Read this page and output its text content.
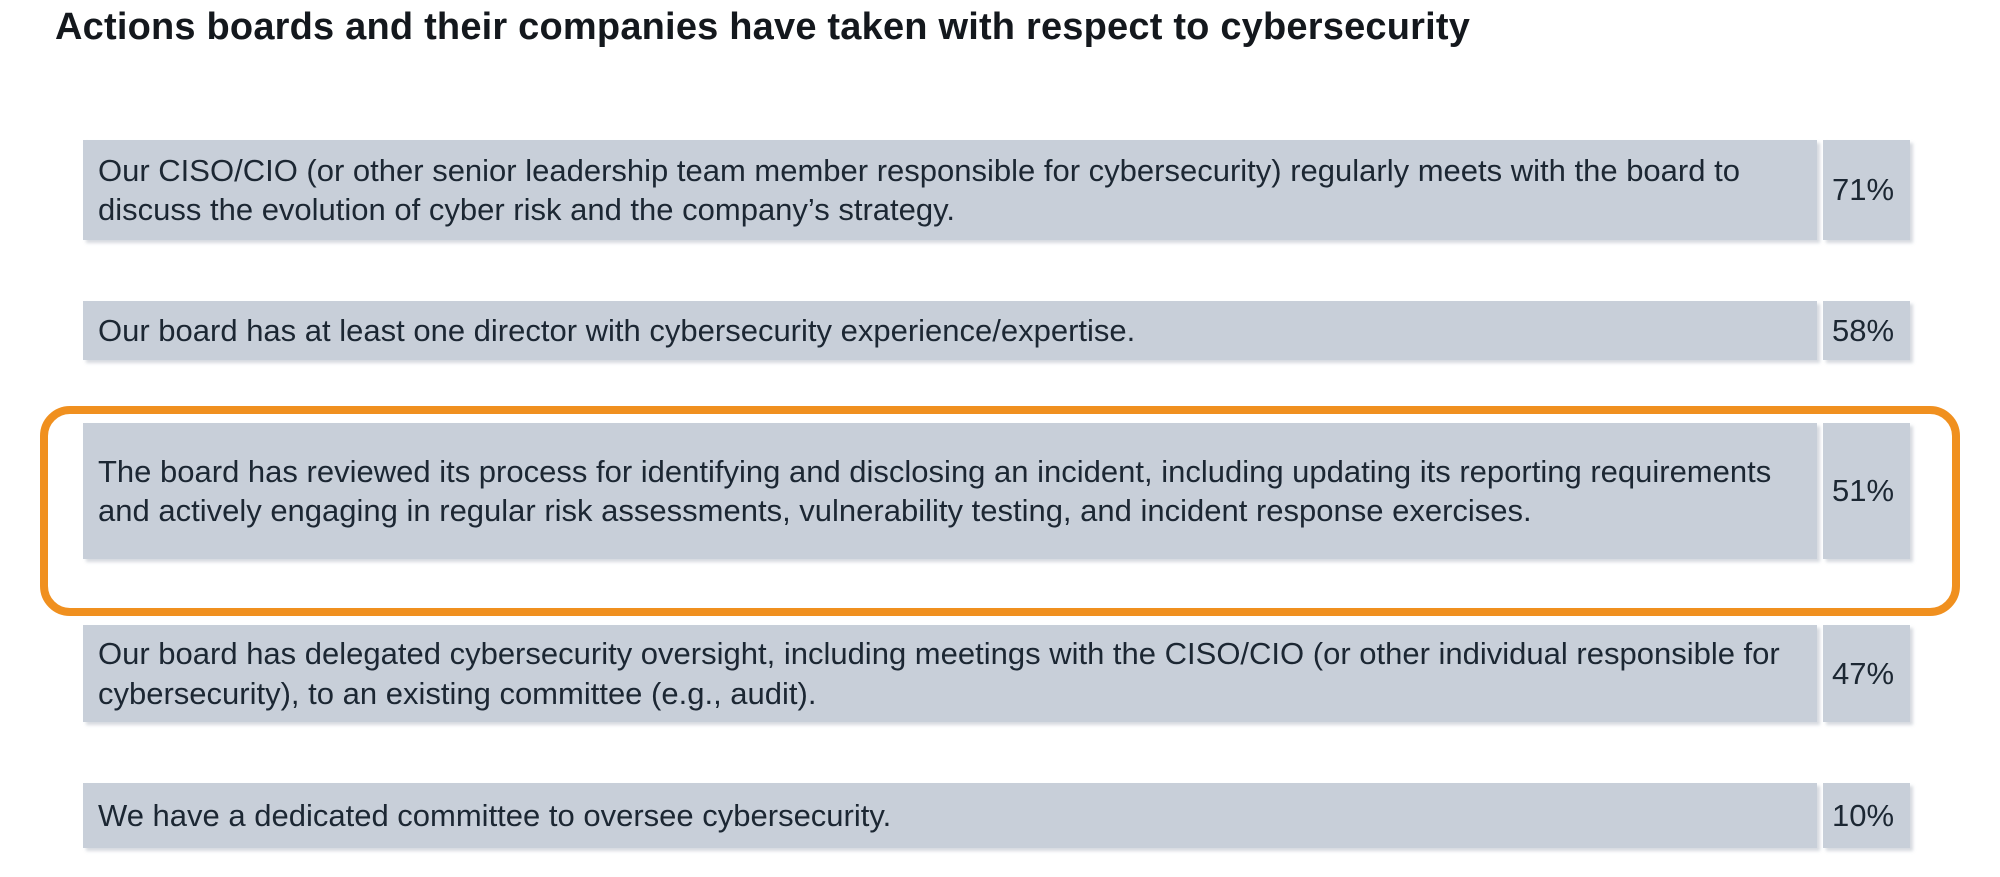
Actions boards and their companies have taken with respect to cybersecurity
Our CISO/CIO (or other senior leadership team member responsible for cybersecurity) regularly meets with the board to discuss the evolution of cyber risk and the company’s strategy.
71%
Our board has at least one director with cybersecurity experience/expertise.	58%
The board has reviewed its process for identifying and disclosing an incident, including updating its reporting requirements and actively engaging in regular risk assessments, vulnerability testing, and incident response exercises.
51%
Our board has delegated cybersecurity oversight, including meetings with the CISO/CIO (or other individual responsible for cybersecurity), to an existing committee (e.g., audit).
47%
We have a dedicated committee to oversee cybersecurity.	10%
